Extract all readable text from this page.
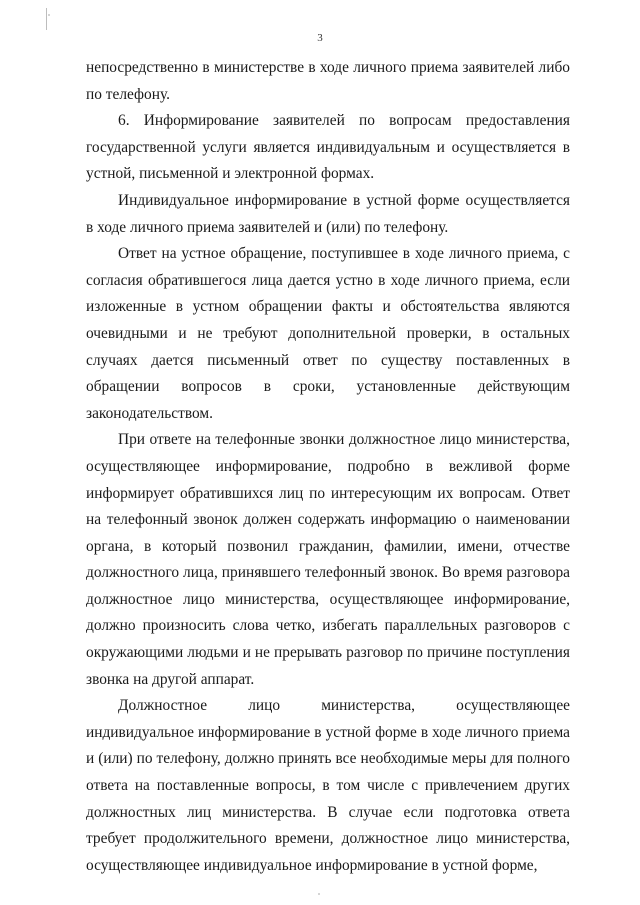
3

непосредственно в министерстве в ходе личного приема заявителей либо по телефону.

6. Информирование заявителей по вопросам предоставления государственной услуги является индивидуальным и осуществляется в устной, письменной и электронной формах.

Индивидуальное информирование в устной форме осуществляется в ходе личного приема заявителей и (или) по телефону.

Ответ на устное обращение, поступившее в ходе личного приема, с согласия обратившегося лица дается устно в ходе личного приема, если изложенные в устном обращении факты и обстоятельства являются очевидными и не требуют дополнительной проверки, в остальных случаях дается письменный ответ по существу поставленных в обращении вопросов в сроки, установленные действующим законодательством.

При ответе на телефонные звонки должностное лицо министерства, осуществляющее информирование, подробно в вежливой форме информирует обратившихся лиц по интересующим их вопросам. Ответ на телефонный звонок должен содержать информацию о наименовании органа, в который позвонил гражданин, фамилии, имени, отчестве должностного лица, принявшего телефонный звонок. Во время разговора должностное лицо министерства, осуществляющее информирование, должно произносить слова четко, избегать параллельных разговоров с окружающими людьми и не прерывать разговор по причине поступления звонка на другой аппарат.

Должностное лицо министерства, осуществляющее индивидуальное информирование в устной форме в ходе личного приема и (или) по телефону, должно принять все необходимые меры для полного ответа на поставленные вопросы, в том числе с привлечением других должностных лиц министерства. В случае если подготовка ответа требует продолжительного времени, должностное лицо министерства, осуществляющее индивидуальное информирование в устной форме,
